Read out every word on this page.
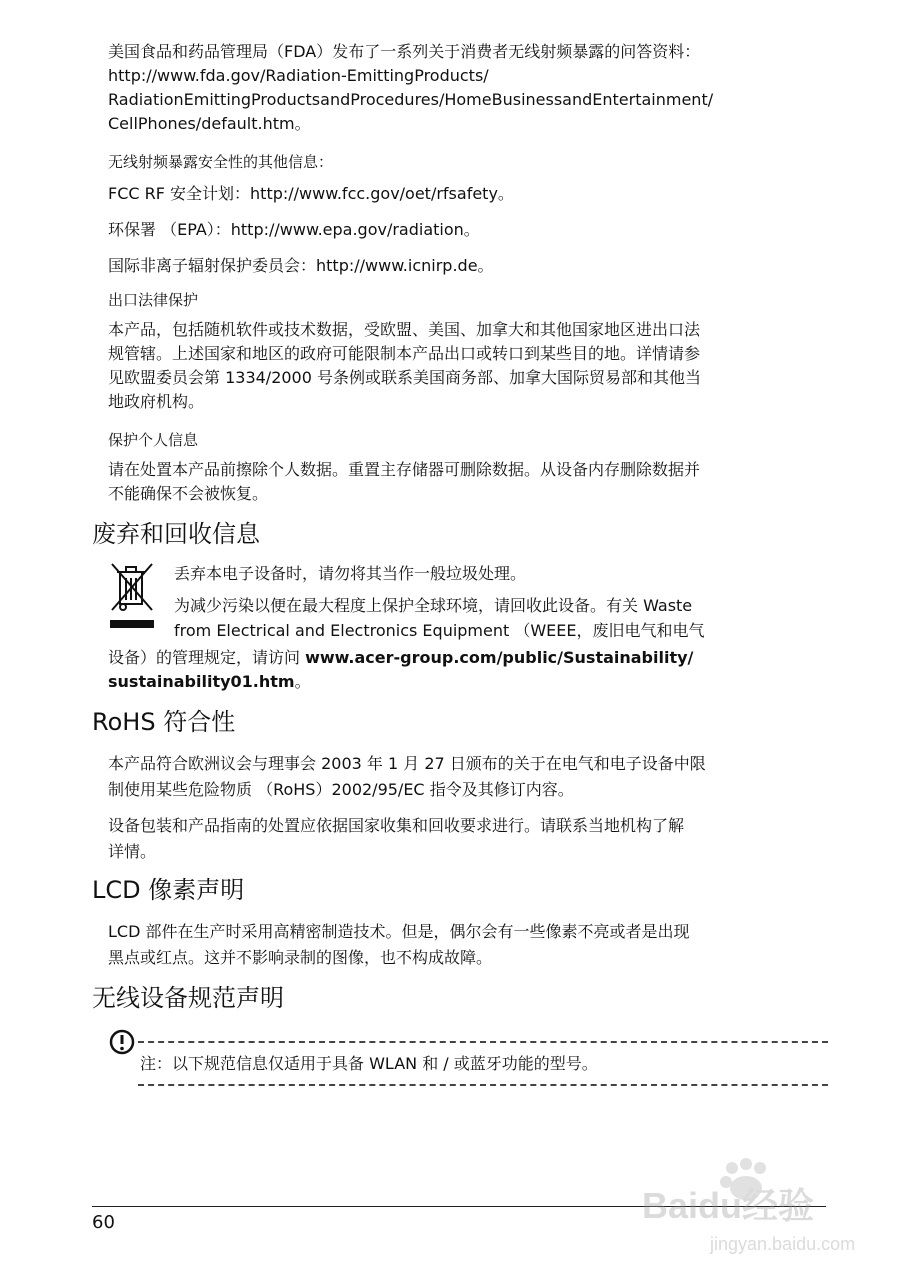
美国食品和药品管理局（FDA）发布了一系列关于消费者无线射频暴露的问答资料：

http://www.fda.gov/Radiation-EmittingProducts/

RadiationEmittingProductsandProcedures/HomeBusinessandEntertainment/

CellPhones/default.htm。

无线射频暴露安全性的其他信息：

FCC RF 安全计划：http://www.fcc.gov/oet/rfsafety。

环保署 （EPA）：http://www.epa.gov/radiation。

国际非离子辐射保护委员会：http://www.icnirp.de。

出口法律保护

本产品，包括随机软件或技术数据，受欧盟、美国、加拿大和其他国家地区进出口法

规管辖。上述国家和地区的政府可能限制本产品出口或转口到某些目的地。详情请参

见欧盟委员会第 1334/2000 号条例或联系美国商务部、加拿大国际贸易部和其他当

地政府机构。

保护个人信息

请在处置本产品前擦除个人数据。重置主存储器可删除数据。从设备内存删除数据并

不能确保不会被恢复。

废弃和回收信息

丢弃本电子设备时，请勿将其当作一般垃圾处理。

为减少污染以便在最大程度上保护全球环境，请回收此设备。有关 Waste

from Electrical and Electronics Equipment （WEEE，废旧电气和电气

设备）的管理规定，请访问 www.acer-group.com/public/Sustainability/

sustainability01.htm。

RoHS 符合性

本产品符合欧洲议会与理事会 2003 年 1 月 27 日颁布的关于在电气和电子设备中限

制使用某些危险物质 （RoHS）2002/95/EC 指令及其修订内容。

设备包装和产品指南的处置应依据国家收集和回收要求进行。请联系当地机构了解

详情。

LCD 像素声明

LCD 部件在生产时采用高精密制造技术。但是，偶尔会有一些像素不亮或者是出现

黑点或红点。这并不影响录制的图像，也不构成故障。

无线设备规范声明

注：以下规范信息仅适用于具备 WLAN 和 / 或蓝牙功能的型号。

60	Baidu经验
jingyan.baidu.com
